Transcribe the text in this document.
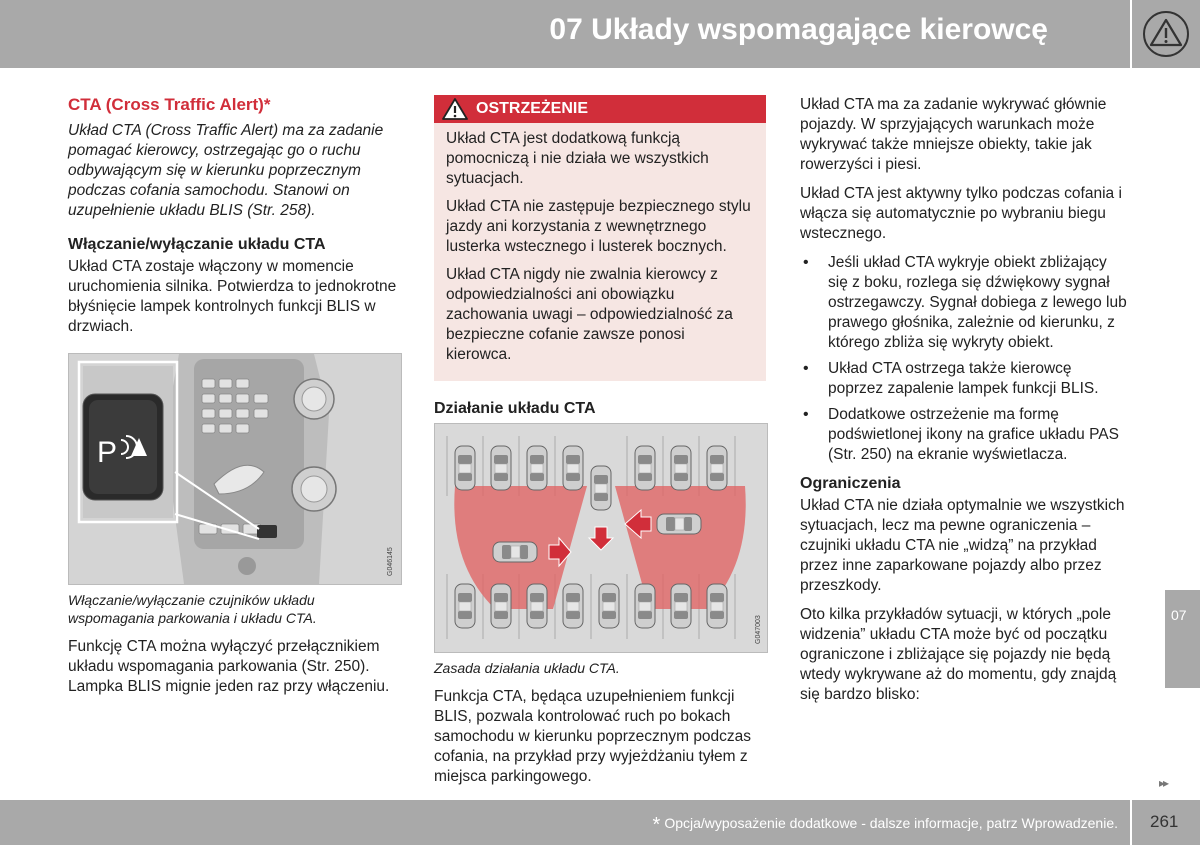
07 Układy wspomagające kierowcę
CTA (Cross Traffic Alert)*

Układ CTA (Cross Traffic Alert) ma za zadanie pomagać kierowcy, ostrzegając go o ruchu odbywającym się w kierunku poprzecznym podczas cofania samochodu. Stanowi on uzupełnienie układu BLIS (Str. 258).

Włączanie/wyłączanie układu CTA

Układ CTA zostaje włączony w momencie uruchomienia silnika. Potwierdza to jednokrotne błyśnięcie lampek kontrolnych funkcji BLIS w drzwiach.

P
G046145
Włączanie/wyłączanie czujników układu wspomagania parkowania i układu CTA.

Funkcję CTA można wyłączyć przełącznikiem układu wspomagania parkowania (Str. 250). Lampka BLIS mignie jeden raz przy włączeniu.

OSTRZEŻENIE

Układ CTA jest dodatkową funkcją pomocniczą i nie działa we wszystkich sytuacjach.

Układ CTA nie zastępuje bezpiecznego stylu jazdy ani korzystania z wewnętrznego lusterka wstecznego i lusterek bocznych.

Układ CTA nigdy nie zwalnia kierowcy z odpowiedzialności ani obowiązku zachowania uwagi – odpowiedzialność za bezpieczne cofanie zawsze ponosi kierowca.

Działanie układu CTA
G047003
Zasada działania układu CTA.

Funkcja CTA, będąca uzupełnieniem funkcji BLIS, pozwala kontrolować ruch po bokach samochodu w kierunku poprzecznym podczas cofania, na przykład przy wyjeżdżaniu tyłem z miejsca parkingowego.

Układ CTA ma za zadanie wykrywać głównie pojazdy. W sprzyjających warunkach może wykrywać także mniejsze obiekty, takie jak rowerzyści i piesi.

Układ CTA jest aktywny tylko podczas cofania i włącza się automatycznie po wybraniu biegu wstecznego.

• Jeśli układ CTA wykryje obiekt zbliżający się z boku, rozlega się dźwiękowy sygnał ostrzegawczy. Sygnał dobiega z lewego lub prawego głośnika, zależnie od kierunku, z którego zbliża się wykryty obiekt.
• Układ CTA ostrzega także kierowcę poprzez zapalenie lampek funkcji BLIS.
• Dodatkowe ostrzeżenie ma formę podświetlonej ikony na grafice układu PAS (Str. 250) na ekranie wyświetlacza.
Ograniczenia

Układ CTA nie działa optymalnie we wszystkich sytuacjach, lecz ma pewne ograniczenia – czujniki układu CTA nie „widzą” na przykład przez inne zaparkowane pojazdy albo przez przeszkody.

Oto kilka przykładów sytuacji, w których „pole widzenia” układu CTA może być od początku ograniczone i zbliżające się pojazdy nie będą wtedy wykrywane aż do momentu, gdy znajdą się bardzo blisko:

07
▸▸
* Opcja/wyposażenie dodatkowe - dalsze informacje, patrz Wprowadzenie. 261
